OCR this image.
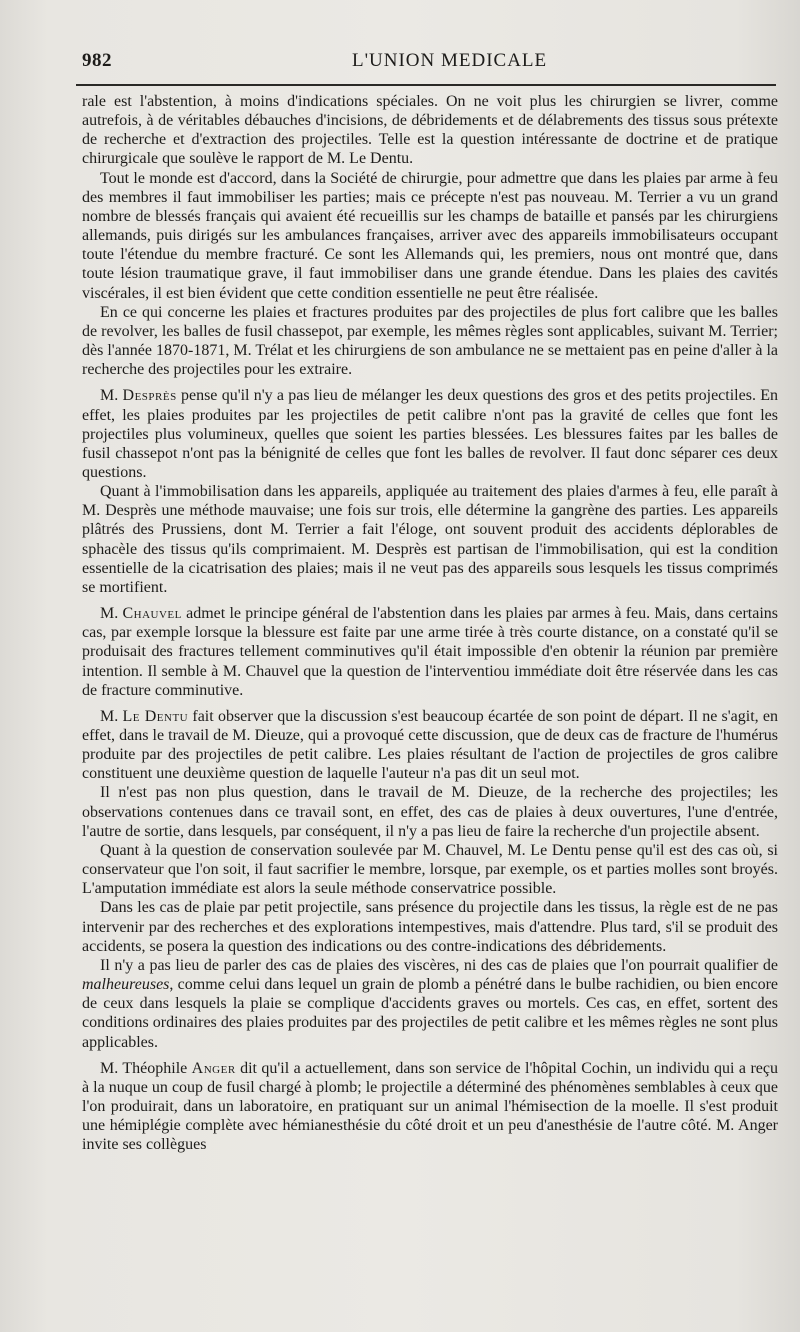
982	L'UNION MEDICALE

rale est l'abstention, à moins d'indications spéciales. On ne voit plus les chirurgien se livrer, comme autrefois, à de véritables débauches d'incisions, de débridements et de délabrements des tissus sous prétexte de recherche et d'extraction des projectiles. Telle est la question intéressante de doctrine et de pratique chirurgicale que soulève le rapport de M. Le Dentu.

Tout le monde est d'accord, dans la Société de chirurgie, pour admettre que dans les plaies par arme à feu des membres il faut immobiliser les parties; mais ce précepte n'est pas nouveau. M. Terrier a vu un grand nombre de blessés français qui avaient été recueillis sur les champs de bataille et pansés par les chirurgiens allemands, puis dirigés sur les ambulances françaises, arriver avec des appareils immobilisateurs occupant toute l'étendue du membre fracturé. Ce sont les Allemands qui, les premiers, nous ont montré que, dans toute lésion traumatique grave, il faut immobiliser dans une grande étendue. Dans les plaies des cavités viscérales, il est bien évident que cette condition essentielle ne peut être réalisée.

En ce qui concerne les plaies et fractures produites par des projectiles de plus fort calibre que les balles de revolver, les balles de fusil chassepot, par exemple, les mêmes règles sont applicables, suivant M. Terrier; dès l'année 1870-1871, M. Trélat et les chirurgiens de son ambulance ne se mettaient pas en peine d'aller à la recherche des projectiles pour les extraire.

M. Desprès pense qu'il n'y a pas lieu de mélanger les deux questions des gros et des petits projectiles. En effet, les plaies produites par les projectiles de petit calibre n'ont pas la gravité de celles que font les projectiles plus volumineux, quelles que soient les parties blessées. Les blessures faites par les balles de fusil chassepot n'ont pas la bénignité de celles que font les balles de revolver. Il faut donc séparer ces deux questions.

Quant à l'immobilisation dans les appareils, appliquée au traitement des plaies d'armes à feu, elle paraît à M. Desprès une méthode mauvaise; une fois sur trois, elle détermine la gangrène des parties. Les appareils plâtrés des Prussiens, dont M. Terrier a fait l'éloge, ont souvent produit des accidents déplorables de sphacèle des tissus qu'ils comprimaient. M. Desprès est partisan de l'immobilisation, qui est la condition essentielle de la cicatrisation des plaies; mais il ne veut pas des appareils sous lesquels les tissus comprimés se mortifient.

M. Chauvel admet le principe général de l'abstention dans les plaies par armes à feu. Mais, dans certains cas, par exemple lorsque la blessure est faite par une arme tirée à très courte distance, on a constaté qu'il se produisait des fractures tellement comminutives qu'il était impossible d'en obtenir la réunion par première intention. Il semble à M. Chauvel que la question de l'interventiou immédiate doit être réservée dans les cas de fracture comminutive.

M. Le Dentu fait observer que la discussion s'est beaucoup écartée de son point de départ. Il ne s'agit, en effet, dans le travail de M. Dieuze, qui a provoqué cette discussion, que de deux cas de fracture de l'humérus produite par des projectiles de petit calibre. Les plaies résultant de l'action de projectiles de gros calibre constituent une deuxième question de laquelle l'auteur n'a pas dit un seul mot.

Il n'est pas non plus question, dans le travail de M. Dieuze, de la recherche des projectiles; les observations contenues dans ce travail sont, en effet, des cas de plaies à deux ouvertures, l'une d'entrée, l'autre de sortie, dans lesquels, par conséquent, il n'y a pas lieu de faire la recherche d'un projectile absent.

Quant à la question de conservation soulevée par M. Chauvel, M. Le Dentu pense qu'il est des cas où, si conservateur que l'on soit, il faut sacrifier le membre, lorsque, par exemple, os et parties molles sont broyés. L'amputation immédiate est alors la seule méthode conservatrice possible.

Dans les cas de plaie par petit projectile, sans présence du projectile dans les tissus, la règle est de ne pas intervenir par des recherches et des explorations intempestives, mais d'attendre. Plus tard, s'il se produit des accidents, se posera la question des indications ou des contre-indications des débridements.

Il n'y a pas lieu de parler des cas de plaies des viscères, ni des cas de plaies que l'on pourrait qualifier de malheureuses, comme celui dans lequel un grain de plomb a pénétré dans le bulbe rachidien, ou bien encore de ceux dans lesquels la plaie se complique d'accidents graves ou mortels. Ces cas, en effet, sortent des conditions ordinaires des plaies produites par des projectiles de petit calibre et les mêmes règles ne sont plus applicables.

M. Théophile Anger dit qu'il a actuellement, dans son service de l'hôpital Cochin, un individu qui a reçu à la nuque un coup de fusil chargé à plomb; le projectile a déterminé des phénomènes semblables à ceux que l'on produirait, dans un laboratoire, en pratiquant sur un animal l'hémisection de la moelle. Il s'est produit une hémiplégie complète avec hémianesthésie du côté droit et un peu d'anesthésie de l'autre côté. M. Anger invite ses collègues
